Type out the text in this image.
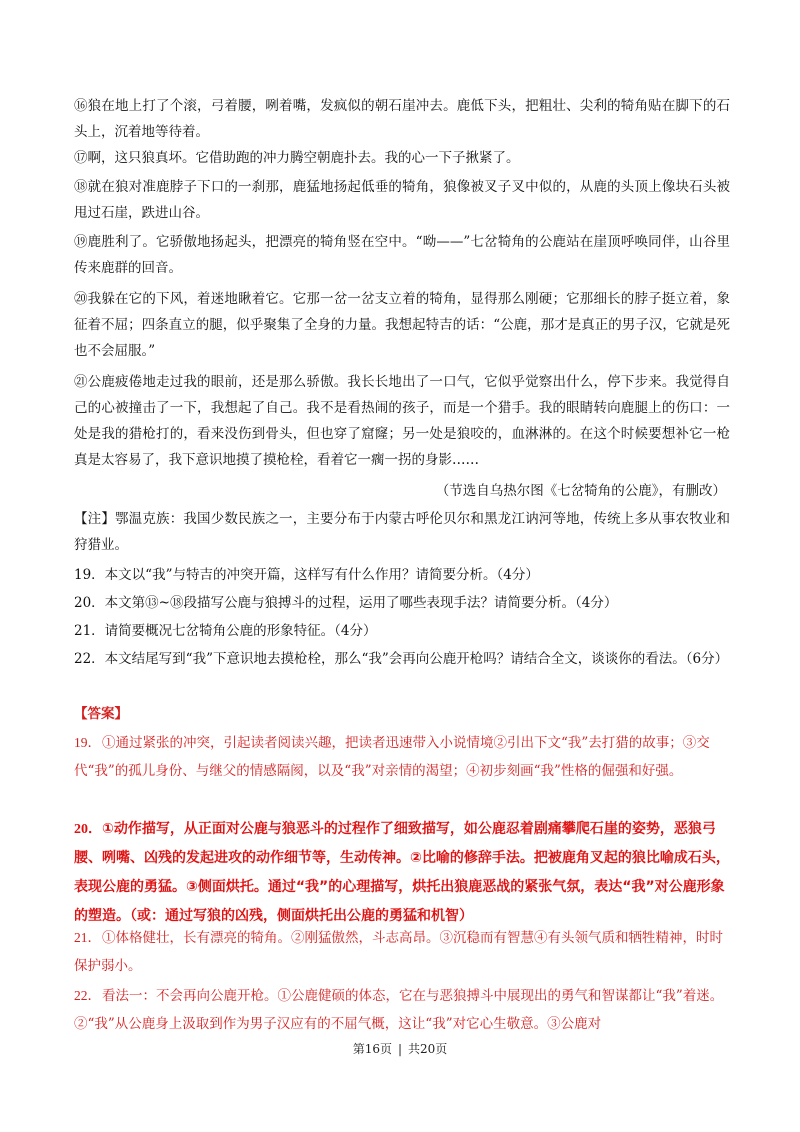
⑯狼在地上打了个滚，弓着腰，咧着嘴，发疯似的朝石崖冲去。鹿低下头，把粗壮、尖利的犄角贴在脚下的石头上，沉着地等待着。

⑰啊，这只狼真坏。它借助跑的冲力腾空朝鹿扑去。我的心一下子揪紧了。

⑱就在狼对准鹿脖子下口的一刹那，鹿猛地扬起低垂的犄角，狼像被叉子叉中似的，从鹿的头顶上像块石头被甩过石崖，跌进山谷。

⑲鹿胜利了。它骄傲地扬起头，把漂亮的犄角竖在空中。“呦——”七岔犄角的公鹿站在崖顶呼唤同伴，山谷里传来鹿群的回音。

⑳我躲在它的下风，着迷地瞅着它。它那一岔一岔支立着的犄角，显得那么刚硬；它那细长的脖子挺立着，象征着不屈；四条直立的腿，似乎聚集了全身的力量。我想起特吉的话：“公鹿，那才是真正的男子汉，它就是死也不会屈服。”

㉑公鹿疲倦地走过我的眼前，还是那么骄傲。我长长地出了一口气，它似乎觉察出什么，停下步来。我觉得自己的心被撞击了一下，我想起了自己。我不是看热闹的孩子，而是一个猎手。我的眼睛转向鹿腿上的伤口：一处是我的猎枪打的，看来没伤到骨头，但也穿了窟窿；另一处是狼咬的，血淋淋的。在这个时候要想补它一枪真是太容易了，我下意识地摸了摸枪栓，看着它一瘸一拐的身影……

（节选自乌热尔图《七岔犄角的公鹿》，有删改）

【注】鄂温克族：我国少数民族之一，主要分布于内蒙古呼伦贝尔和黑龙江讷河等地，传统上多从事农牧业和狩猎业。

19．本文以“我”与特吉的冲突开篇，这样写有什么作用？请简要分析。（4分）

20．本文第⑬~⑱段描写公鹿与狼搏斗的过程，运用了哪些表现手法？请简要分析。（4分）

21．请简要概况七岔犄角公鹿的形象特征。（4分）

22．本文结尾写到“我”下意识地去摸枪栓，那么“我”会再向公鹿开枪吗？请结合全文，谈谈你的看法。（6分）

【答案】

19．①通过紧张的冲突，引起读者阅读兴趣，把读者迅速带入小说情境②引出下文“我”去打猎的故事；③交代“我”的孤儿身份、与继父的情感隔阂，以及“我”对亲情的渴望；④初步刻画“我”性格的倔强和好强。

20．①动作描写，从正面对公鹿与狼恶斗的过程作了细致描写，如公鹿忍着剧痛攀爬石崖的姿势，恶狼弓腰、咧嘴、凶残的发起进攻的动作细节等，生动传神。②比喻的修辞手法。把被鹿角叉起的狼比喻成石头，表现公鹿的勇猛。③侧面烘托。通过“我”的心理描写，烘托出狼鹿恶战的紧张气氛，表达“我”对公鹿形象的塑造。（或：通过写狼的凶残，侧面烘托出公鹿的勇猛和机智）

21．①体格健壮，长有漂亮的犄角。②刚猛傲然，斗志高昂。③沉稳而有智慧④有头领气质和牺牲精神，时时保护弱小。

22．看法一：不会再向公鹿开枪。①公鹿健硕的体态，它在与恶狼搏斗中展现出的勇气和智谋都让“我”着迷。②“我”从公鹿身上汲取到作为男子汉应有的不屈气概，这让“我”对它心生敬意。③公鹿对

第16页 | 共20页
